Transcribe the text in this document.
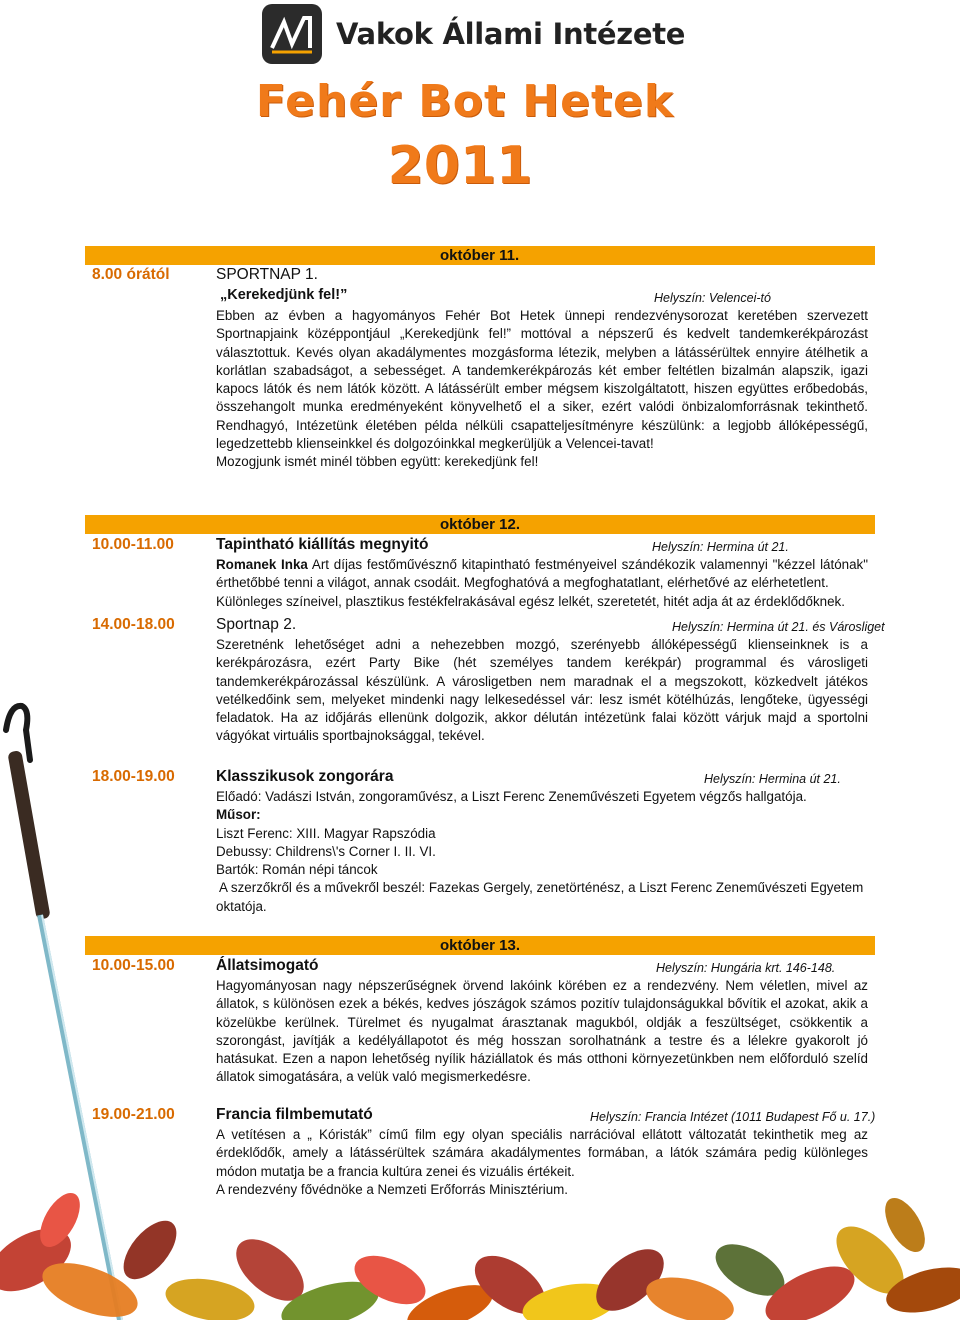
Vakok Állami Intézete
Fehér Bot Hetek
2011
október 11.
8.00 órától	SPORTNAP 1.
„Kerekedjünk fel!”	Helyszín: Velencei-tó

Ebben az évben a hagyományos Fehér Bot Hetek ünnepi rendezvénysorozat keretében szervezett Sportnapjaink középpontjául „Kerekedjünk fel!” mottóval a népszerű és kedvelt tandemkerékpározást választottuk. Kevés olyan akadálymentes mozgásforma létezik, melyben a látássérültek ennyire átélhetik a korlátlan szabadságot, a sebességet. A tandemkerékpározás két ember feltétlen bizalmán alapszik, igazi kapocs látók és nem látók között. A látássérült ember mégsem kiszolgáltatott, hiszen együttes erőbedobás, összehangolt munka eredményeként könyvelhető el a siker, ezért valódi önbizalomforrásnak tekinthető. Rendhagyó, Intézetünk életében példa nélküli csapatteljesítményre készülünk: a legjobb állóképességű, legedzettebb klienseinkkel és dolgozóinkkal megkerüljük a Velencei-tavat!

Mozogjunk ismét minél többen együtt: kerekedjünk fel!

október 12.
10.00-11.00	Tapintható kiállítás megnyitó	Helyszín: Hermina út 21.

Romanek Inka Art díjas festőművésznő kitapintható festményeivel szándékozik valamennyi "kézzel látónak" érthetőbbé tenni a világot, annak csodáit. Megfoghatóvá a megfoghatatlant, elérhetővé az elérhetetlent.

Különleges színeivel, plasztikus festékfelrakásával egész lelkét, szeretetét, hitét adja át az érdeklődőknek.

14.00-18.00	Sportnap 2.	Helyszín: Hermina út 21. és Városliget

Szeretnénk lehetőséget adni a nehezebben mozgó, szerényebb állóképességű klienseinknek is a kerékpározásra, ezért Party Bike (hét személyes tandem kerékpár) programmal és városligeti tandemkerékpározással készülünk. A városligetben nem maradnak el a megszokott, közkedvelt játékos vetélkedőink sem, melyeket mindenki nagy lelkesedéssel vár: lesz ismét kötélhúzás, lengőteke, ügyességi feladatok. Ha az időjárás ellenünk dolgozik, akkor délután intézetünk falai között várjuk majd a sportolni vágyókat virtuális sportbajnoksággal, tekével.

18.00-19.00	Klasszikusok zongorára	Helyszín: Hermina út 21.
Előadó: Vadászi István, zongoraművész, a Liszt Ferenc Zeneművészeti Egyetem végzős hallgatója.
Műsor:
Liszt Ferenc: XIII. Magyar Rapszódia
Debussy: Childrens\'s Corner I. II. VI.
Bartók: Román népi táncok
A szerzőkről és a művekről beszél: Fazekas Gergely, zenetörténész, a Liszt Ferenc Zeneművészeti Egyetem
oktatója.
október 13.
10.00-15.00	Állatsimogató	Helyszín: Hungária krt. 146-148.

Hagyományosan nagy népszerűségnek örvend lakóink körében ez a rendezvény. Nem véletlen, mivel az állatok, s különösen ezek a békés, kedves jószágok számos pozitív tulajdonságukkal bővítik el azokat, akik a közelükbe kerülnek. Türelmet és nyugalmat árasztanak magukból, oldják a feszültséget, csökkentik a szorongást, javítják a kedélyállapotot és még hosszan sorolhatnánk a testre és a lélekre gyakorolt jó hatásukat. Ezen a napon lehetőség nyílik háziállatok és más otthoni környezetünkben nem előforduló szelíd állatok simogatására, a velük való megismerkedésre.

19.00-21.00	Francia filmbemutató	Helyszín: Francia Intézet (1011 Budapest Fő u. 17.)

A vetítésen a „ Kóristák” című film egy olyan speciális narrációval ellátott változatát tekinthetik meg az érdeklődők, amely a látássérültek számára akadálymentes formában, a látók számára pedig különleges módon mutatja be a francia kultúra zenei és vizuális értékeit.

A rendezvény fővédnöke a Nemzeti Erőforrás Minisztérium.
